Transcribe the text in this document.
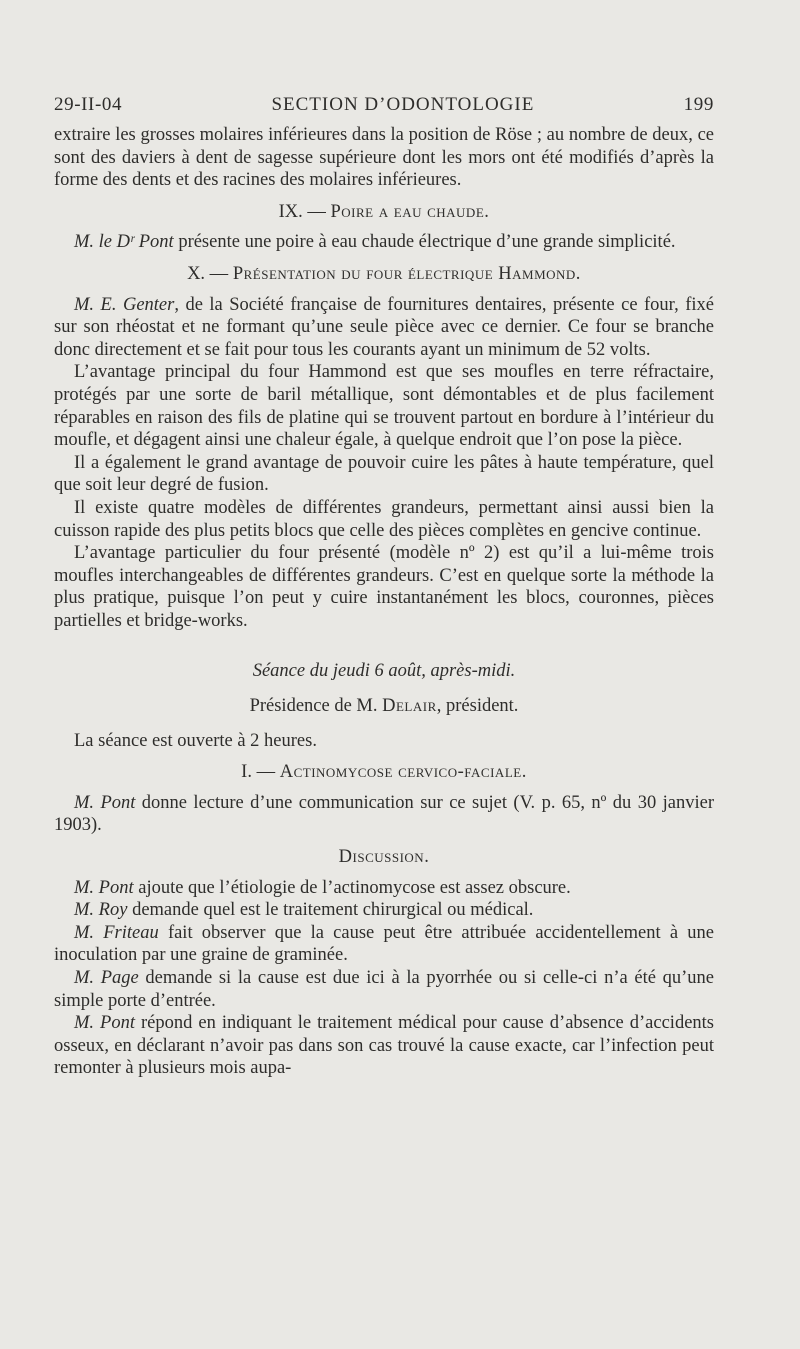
29-II-04	SECTION D’ODONTOLOGIE	199

extraire les grosses molaires inférieures dans la position de Röse ; au nombre de deux, ce sont des daviers à dent de sagesse supérieure dont les mors ont été modifiés d’après la forme des dents et des racines des molaires inférieures.

IX. — Poire a eau chaude.

M. le Dʳ Pont présente une poire à eau chaude électrique d’une grande simplicité.

X. — Présentation du four électrique Hammond.

M. E. Genter, de la Société française de fournitures dentaires, présente ce four, fixé sur son rhéostat et ne formant qu’une seule pièce avec ce dernier. Ce four se branche donc directement et se fait pour tous les courants ayant un minimum de 52 volts.

L’avantage principal du four Hammond est que ses moufles en terre réfractaire, protégés par une sorte de baril métallique, sont démontables et de plus facilement réparables en raison des fils de platine qui se trouvent partout en bordure à l’intérieur du moufle, et dégagent ainsi une chaleur égale, à quelque endroit que l’on pose la pièce.

Il a également le grand avantage de pouvoir cuire les pâtes à haute température, quel que soit leur degré de fusion.

Il existe quatre modèles de différentes grandeurs, permettant ainsi aussi bien la cuisson rapide des plus petits blocs que celle des pièces complètes en gencive continue.

L’avantage particulier du four présenté (modèle nº 2) est qu’il a lui-même trois moufles interchangeables de différentes grandeurs. C’est en quelque sorte la méthode la plus pratique, puisque l’on peut y cuire instantanément les blocs, couronnes, pièces partielles et bridge-works.

Séance du jeudi 6 août, après-midi.
Présidence de M. Delair, président.

La séance est ouverte à 2 heures.

I. — Actinomycose cervico-faciale.

M. Pont donne lecture d’une communication sur ce sujet (V. p. 65, nº du 30 janvier 1903).

Discussion.

M. Pont ajoute que l’étiologie de l’actinomycose est assez obscure.

M. Roy demande quel est le traitement chirurgical ou médical.

M. Friteau fait observer que la cause peut être attribuée accidentellement à une inoculation par une graine de graminée.

M. Page demande si la cause est due ici à la pyorrhée ou si celle-ci n’a été qu’une simple porte d’entrée.

M. Pont répond en indiquant le traitement médical pour cause d’absence d’accidents osseux, en déclarant n’avoir pas dans son cas trouvé la cause exacte, car l’infection peut remonter à plusieurs mois aupa-
